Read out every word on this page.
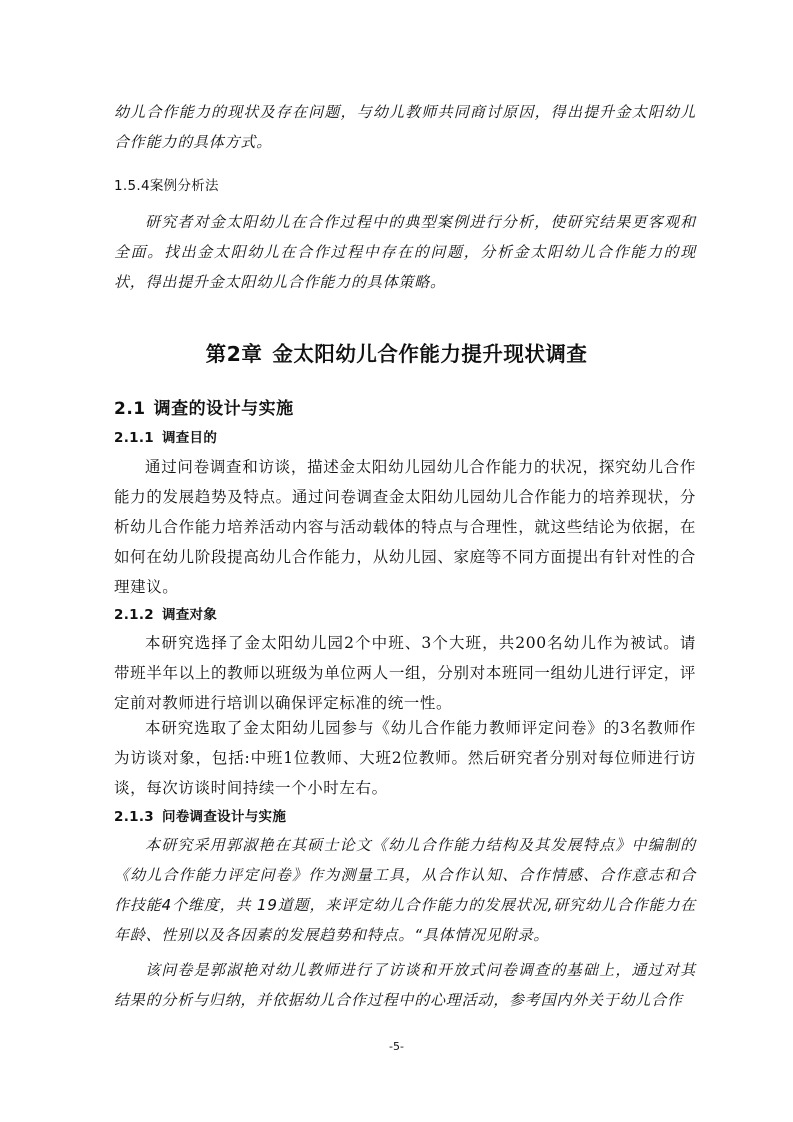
幼儿合作能力的现状及存在问题，与幼儿教师共同商讨原因，得出提升金太阳幼儿合作能力的具体方式。

1.5.4案例分析法

研究者对金太阳幼儿在合作过程中的典型案例进行分析，使研究结果更客观和全面。找出金太阳幼儿在合作过程中存在的问题，分析金太阳幼儿合作能力的现状，得出提升金太阳幼儿合作能力的具体策略。

第2章 金太阳幼儿合作能力提升现状调查
2.1 调查的设计与实施
2.1.1 调查目的

通过问卷调查和访谈，描述金太阳幼儿园幼儿合作能力的状况，探究幼儿合作能力的发展趋势及特点。通过问卷调查金太阳幼儿园幼儿合作能力的培养现状，分析幼儿合作能力培养活动内容与活动载体的特点与合理性，就这些结论为依据，在如何在幼儿阶段提高幼儿合作能力，从幼儿园、家庭等不同方面提出有针对性的合理建议。

2.1.2 调查对象

本研究选择了金太阳幼儿园2个中班、3个大班，共200名幼儿作为被试。请带班半年以上的教师以班级为单位两人一组，分别对本班同一组幼儿进行评定，评定前对教师进行培训以确保评定标准的统一性。

本研究选取了金太阳幼儿园参与《幼儿合作能力教师评定问卷》的3名教师作为访谈对象，包括:中班1位教师、大班2位教师。然后研究者分别对每位师进行访谈，每次访谈时间持续一个小时左右。

2.1.3 问卷调查设计与实施

本研究采用郭淑艳在其硕士论文《幼儿合作能力结构及其发展特点》中编制的《幼儿合作能力评定问卷》作为测量工具，从合作认知、合作情感、合作意志和合作技能4个维度，共 19道题，来评定幼儿合作能力的发展状况,研究幼儿合作能力在年龄、性别以及各因素的发展趋势和特点。“具体情况见附录。

该问卷是郭淑艳对幼儿教师进行了访谈和开放式问卷调查的基础上，通过对其结果的分析与归纳，并依据幼儿合作过程中的心理活动，参考国内外关于幼儿合作

-5-
